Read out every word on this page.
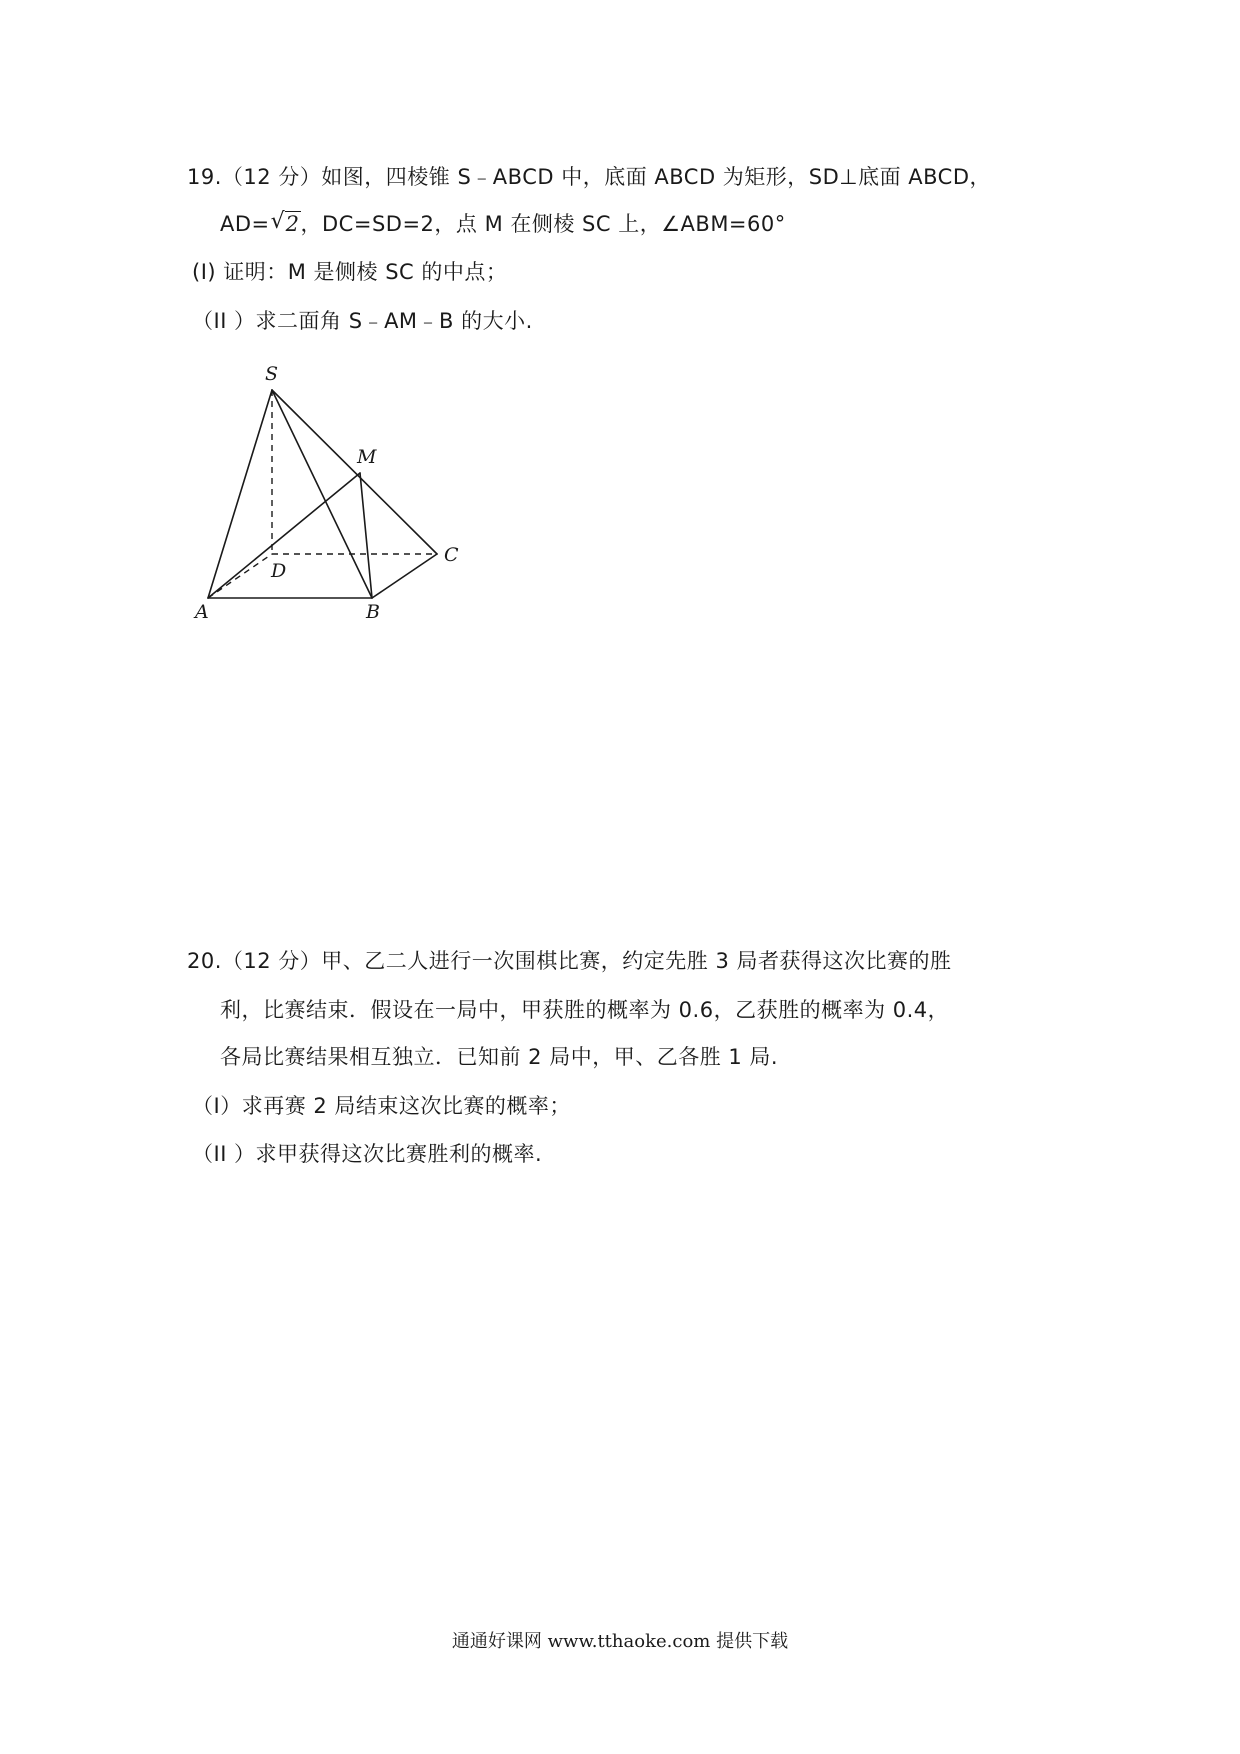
19.（12 分）如图，四棱锥 S﹣ABCD 中，底面 ABCD 为矩形，SD⊥底面 ABCD，
AD= √ 2，DC=SD=2，点 M 在侧棱 SC 上，∠ABM=60°
(I) 证明：M 是侧棱 SC 的中点；
（II ）求二面角 S﹣AM﹣B 的大小.
S
M
C
D
A	B
20.（12 分）甲、乙二人进行一次围棋比赛，约定先胜 3 局者获得这次比赛的胜
利，比赛结束．假设在一局中，甲获胜的概率为 0.6，乙获胜的概率为 0.4，
各局比赛结果相互独立．已知前 2 局中，甲、乙各胜 1 局.
（Ⅰ）求再赛 2 局结束这次比赛的概率；
（II ）求甲获得这次比赛胜利的概率.
通通好课网 www.tthaoke.com 提供下载
